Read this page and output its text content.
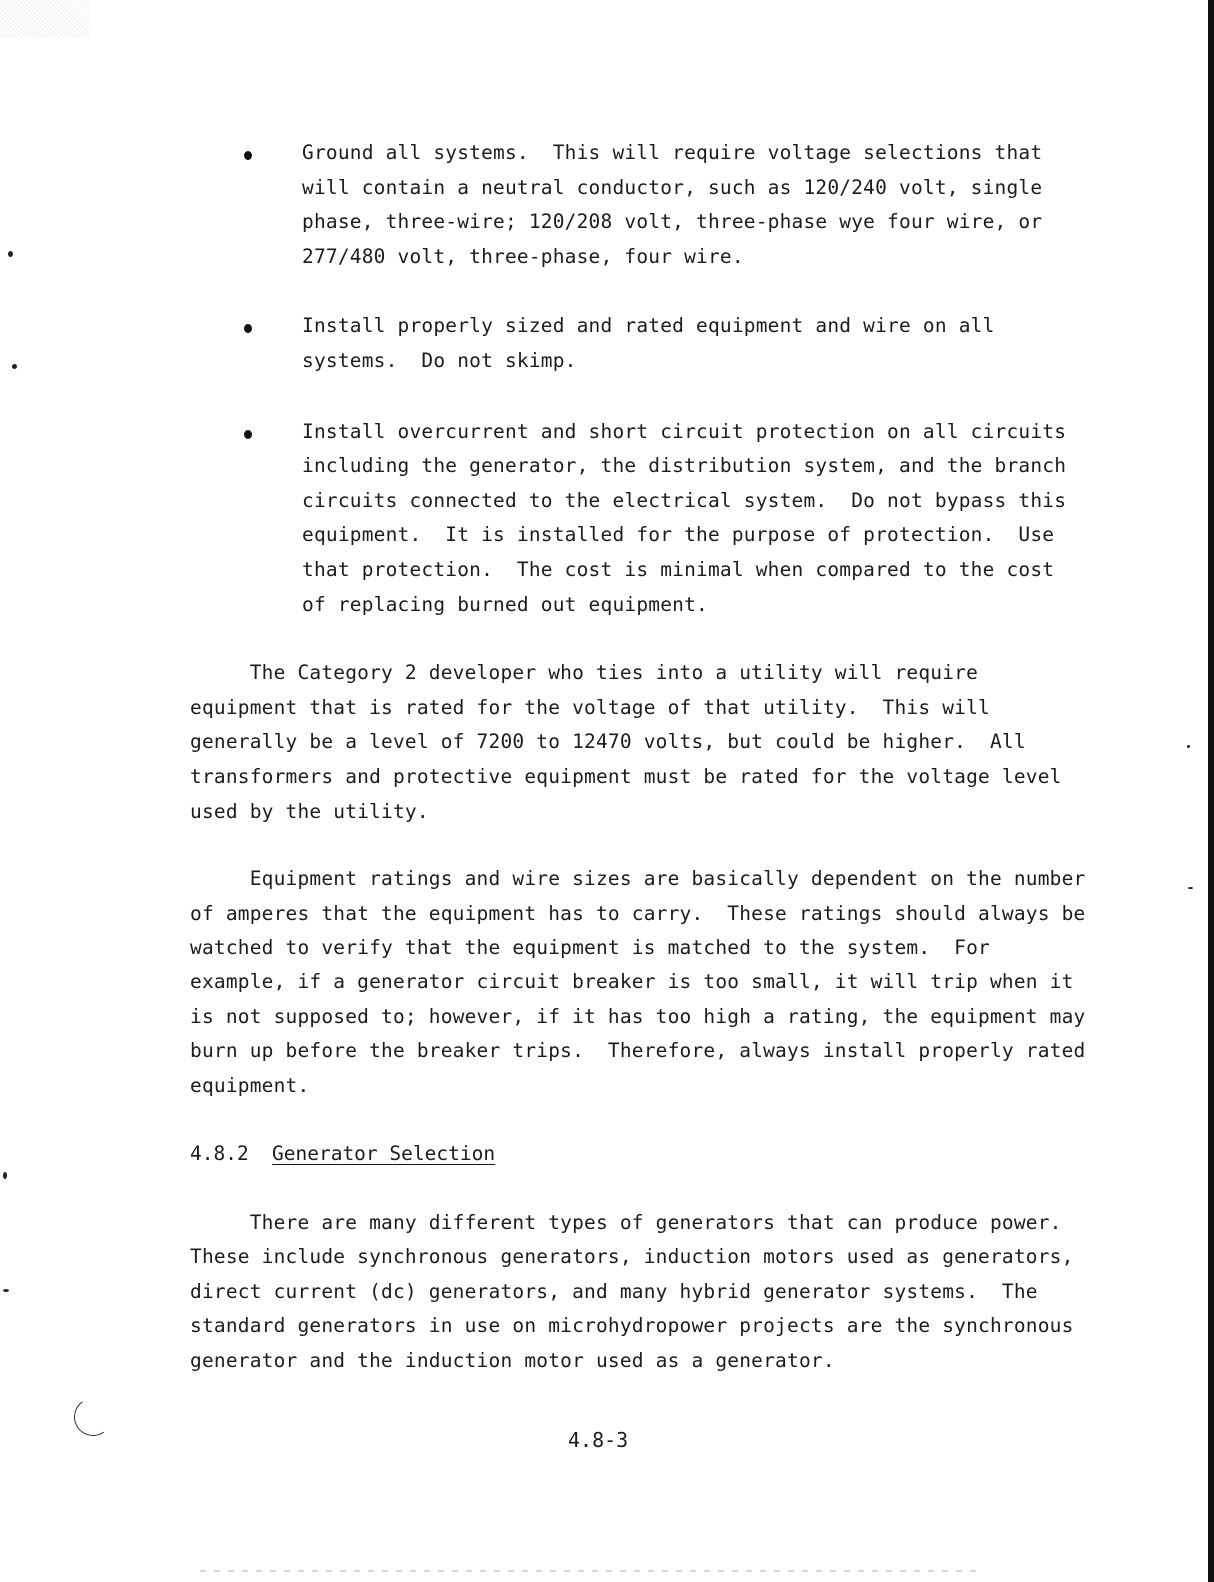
Ground all systems.  This will require voltage selections that
will contain a neutral conductor, such as 120/240 volt, single
phase, three-wire; 120/208 volt, three-phase wye four wire, or
277/480 volt, three-phase, four wire.
Install properly sized and rated equipment and wire on all
systems.  Do not skimp.
Install overcurrent and short circuit protection on all circuits
including the generator, the distribution system, and the branch
circuits connected to the electrical system.  Do not bypass this
equipment.  It is installed for the purpose of protection.  Use
that protection.  The cost is minimal when compared to the cost
of replacing burned out equipment.
The Category 2 developer who ties into a utility will require
equipment that is rated for the voltage of that utility.  This will
generally be a level of 7200 to 12470 volts, but could be higher.  All
transformers and protective equipment must be rated for the voltage level
used by the utility.
Equipment ratings and wire sizes are basically dependent on the number
of amperes that the equipment has to carry.  These ratings should always be
watched to verify that the equipment is matched to the system.  For
example, if a generator circuit breaker is too small, it will trip when it
is not supposed to; however, if it has too high a rating, the equipment may
burn up before the breaker trips.  Therefore, always install properly rated
equipment.
4.8.2 Generator Selection
There are many different types of generators that can produce power.
These include synchronous generators, induction motors used as generators,
direct current (dc) generators, and many hybrid generator systems.  The
standard generators in use on microhydropower projects are the synchronous
generator and the induction motor used as a generator.
4.8-3
